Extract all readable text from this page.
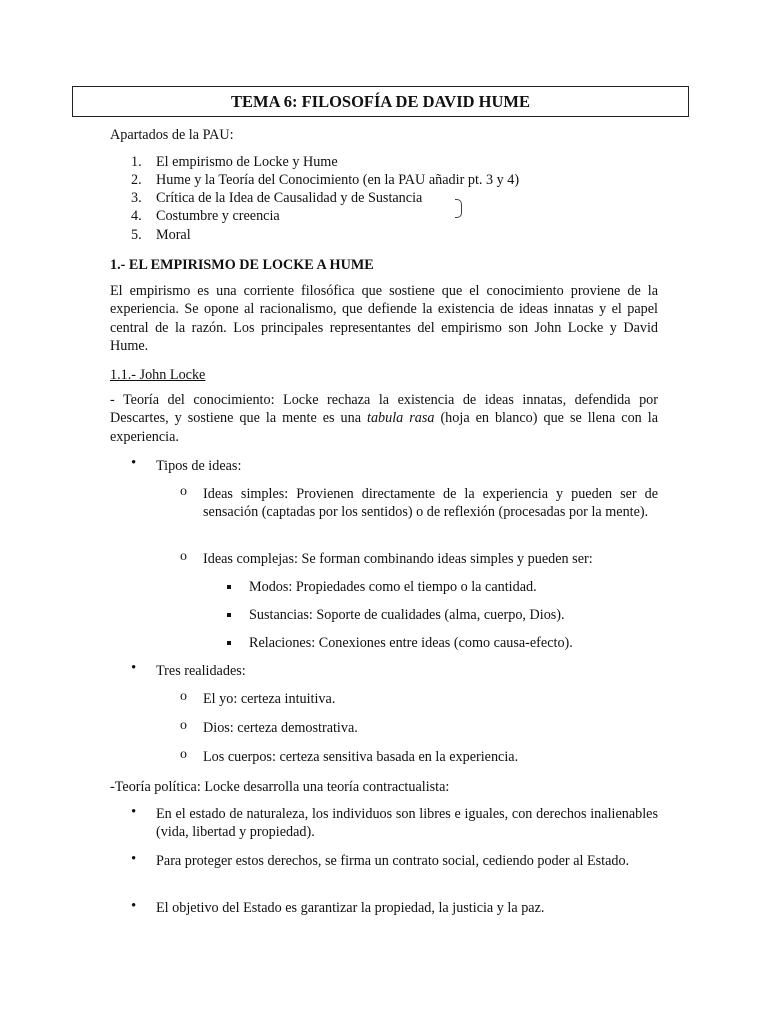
TEMA 6: FILOSOFÍA DE DAVID HUME
Apartados de la PAU:
1. El empirismo de Locke y Hume
2. Hume y la Teoría del Conocimiento (en la PAU añadir pt. 3 y 4)
3. Crítica de la Idea de Causalidad y de Sustancia
4. Costumbre y creencia
5. Moral
1.- EL EMPIRISMO DE LOCKE A HUME
El empirismo es una corriente filosófica que sostiene que el conocimiento proviene de la experiencia. Se opone al racionalismo, que defiende la existencia de ideas innatas y el papel central de la razón. Los principales representantes del empirismo son John Locke y David Hume.
1.1.- John Locke
- Teoría del conocimiento: Locke rechaza la existencia de ideas innatas, defendida por Descartes, y sostiene que la mente es una tabula rasa (hoja en blanco) que se llena con la experiencia.
• Tipos de ideas:
o Ideas simples: Provienen directamente de la experiencia y pueden ser de sensación (captadas por los sentidos) o de reflexión (procesadas por la mente).
o Ideas complejas: Se forman combinando ideas simples y pueden ser:
Modos: Propiedades como el tiempo o la cantidad.
Sustancias: Soporte de cualidades (alma, cuerpo, Dios).
Relaciones: Conexiones entre ideas (como causa-efecto).
• Tres realidades:
o El yo: certeza intuitiva.
o Dios: certeza demostrativa.
o Los cuerpos: certeza sensitiva basada en la experiencia.
-Teoría política: Locke desarrolla una teoría contractualista:
• En el estado de naturaleza, los individuos son libres e iguales, con derechos inalienables (vida, libertad y propiedad).
• Para proteger estos derechos, se firma un contrato social, cediendo poder al Estado.
• El objetivo del Estado es garantizar la propiedad, la justicia y la paz.
